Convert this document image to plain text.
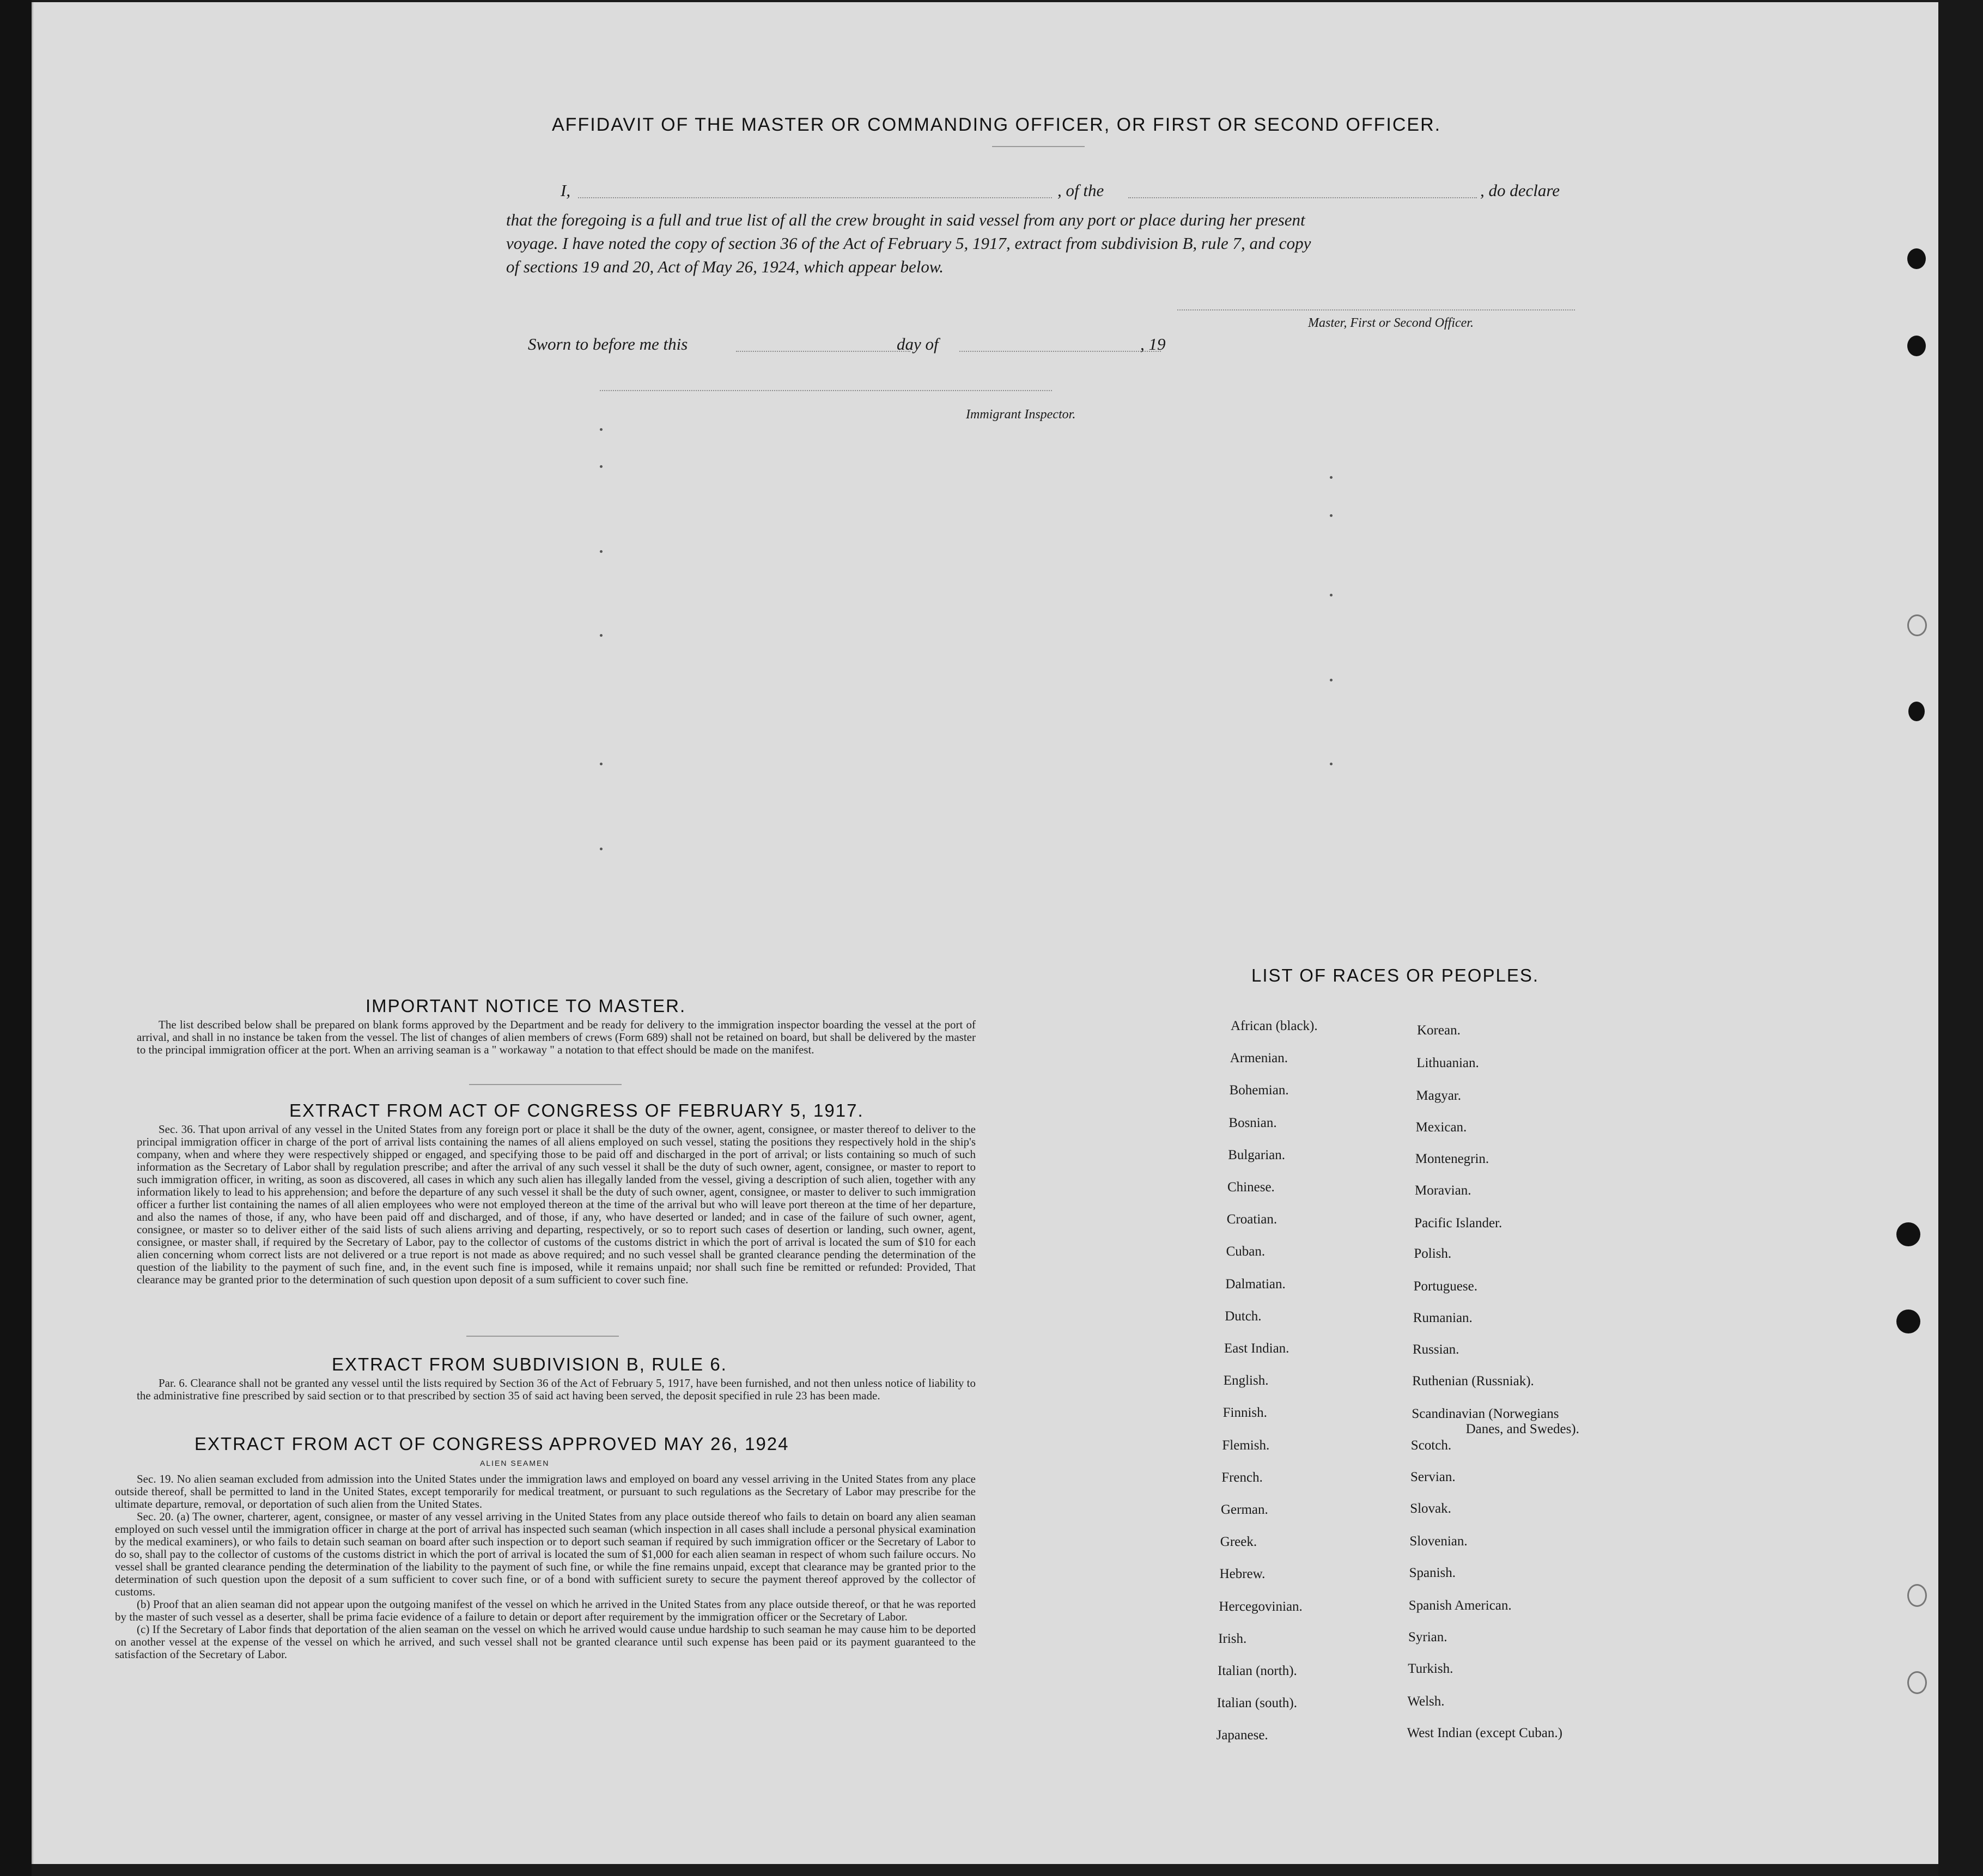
AFFIDAVIT OF THE MASTER OR COMMANDING OFFICER, OR FIRST OR SECOND OFFICER.
I,	, of the	, do declare
that the foregoing is a full and true list of all the crew brought in said vessel from any port or place during her present
voyage. I have noted the copy of section 36 of the Act of February 5, 1917, extract from subdivision B, rule 7, and copy
of sections 19 and 20, Act of May 26, 1924, which appear below.
Master, First or Second Officer.
Sworn to before me this	day of	, 19
Immigrant Inspector.
IMPORTANT NOTICE TO MASTER.

The list described below shall be prepared on blank forms approved by the Department and be ready for delivery to the immigration inspector boarding the vessel at the port of arrival, and shall in no instance be taken from the vessel. The list of changes of alien members of crews (Form 689) shall not be retained on board, but shall be delivered by the master to the principal immigration officer at the port. When an arriving seaman is a " workaway " a notation to that effect should be made on the manifest.

EXTRACT FROM ACT OF CONGRESS OF FEBRUARY 5, 1917.

Sec. 36. That upon arrival of any vessel in the United States from any foreign port or place it shall be the duty of the owner, agent, consignee, or master thereof to deliver to the principal immigration officer in charge of the port of arrival lists containing the names of all aliens employed on such vessel, stating the positions they respectively hold in the ship's company, when and where they were respectively shipped or engaged, and specifying those to be paid off and discharged in the port of arrival; or lists containing so much of such information as the Secretary of Labor shall by regulation prescribe; and after the arrival of any such vessel it shall be the duty of such owner, agent, consignee, or master to report to such immigration officer, in writing, as soon as discovered, all cases in which any such alien has illegally landed from the vessel, giving a description of such alien, together with any information likely to lead to his apprehension; and before the departure of any such vessel it shall be the duty of such owner, agent, consignee, or master to deliver to such immigration officer a further list containing the names of all alien employees who were not employed thereon at the time of the arrival but who will leave port thereon at the time of her departure, and also the names of those, if any, who have been paid off and discharged, and of those, if any, who have deserted or landed; and in case of the failure of such owner, agent, consignee, or master so to deliver either of the said lists of such aliens arriving and departing, respectively, or so to report such cases of desertion or landing, such owner, agent, consignee, or master shall, if required by the Secretary of Labor, pay to the collector of customs of the customs district in which the port of arrival is located the sum of $10 for each alien concerning whom correct lists are not delivered or a true report is not made as above required; and no such vessel shall be granted clearance pending the determination of the question of the liability to the payment of such fine, and, in the event such fine is imposed, while it remains unpaid; nor shall such fine be remitted or refunded: Provided, That clearance may be granted prior to the determination of such question upon deposit of a sum sufficient to cover such fine.

EXTRACT FROM SUBDIVISION B, RULE 6.

Par. 6. Clearance shall not be granted any vessel until the lists required by Section 36 of the Act of February 5, 1917, have been furnished, and not then unless notice of liability to the administrative fine prescribed by said section or to that prescribed by section 35 of said act having been served, the deposit specified in rule 23 has been made.

EXTRACT FROM ACT OF CONGRESS APPROVED MAY 26, 1924
ALIEN SEAMEN

Sec. 19. No alien seaman excluded from admission into the United States under the immigration laws and employed on board any vessel arriving in the United States from any place outside thereof, shall be permitted to land in the United States, except temporarily for medical treatment, or pursuant to such regulations as the Secretary of Labor may prescribe for the ultimate departure, removal, or deportation of such alien from the United States.

Sec. 20. (a) The owner, charterer, agent, consignee, or master of any vessel arriving in the United States from any place outside thereof who fails to detain on board any alien seaman employed on such vessel until the immigration officer in charge at the port of arrival has inspected such seaman (which inspection in all cases shall include a personal physical examination by the medical examiners), or who fails to detain such seaman on board after such inspection or to deport such seaman if required by such immigration officer or the Secretary of Labor to do so, shall pay to the collector of customs of the customs district in which the port of arrival is located the sum of $1,000 for each alien seaman in respect of whom such failure occurs. No vessel shall be granted clearance pending the determination of the liability to the payment of such fine, or while the fine remains unpaid, except that clearance may be granted prior to the determination of such question upon the deposit of a sum sufficient to cover such fine, or of a bond with sufficient surety to secure the payment thereof approved by the collector of customs.

(b) Proof that an alien seaman did not appear upon the outgoing manifest of the vessel on which he arrived in the United States from any place outside thereof, or that he was reported by the master of such vessel as a deserter, shall be prima facie evidence of a failure to detain or deport after requirement by the immigration officer or the Secretary of Labor.

(c) If the Secretary of Labor finds that deportation of the alien seaman on the vessel on which he arrived would cause undue hardship to such seaman he may cause him to be deported on another vessel at the expense of the vessel on which he arrived, and such vessel shall not be granted clearance until such expense has been paid or its payment guaranteed to the satisfaction of the Secretary of Labor.

LIST OF RACES OR PEOPLES.
African (black).
Armenian.
Bohemian.
Bosnian.
Bulgarian.
Chinese.
Croatian.
Cuban.
Dalmatian.
Dutch.
East Indian.
English.
Finnish.
Flemish.
French.
German.
Greek.
Hebrew.
Hercegovinian.
Irish.
Italian (north).
Italian (south).
Japanese.
Korean.
Lithuanian.
Magyar.
Mexican.
Montenegrin.
Moravian.
Pacific Islander.
Polish.
Portuguese.
Rumanian.
Russian.
Ruthenian (Russniak).
Scandinavian (Norwegians
Danes, and Swedes).
Scotch.
Servian.
Slovak.
Slovenian.
Spanish.
Spanish American.
Syrian.
Turkish.
Welsh.
West Indian (except Cuban.)
